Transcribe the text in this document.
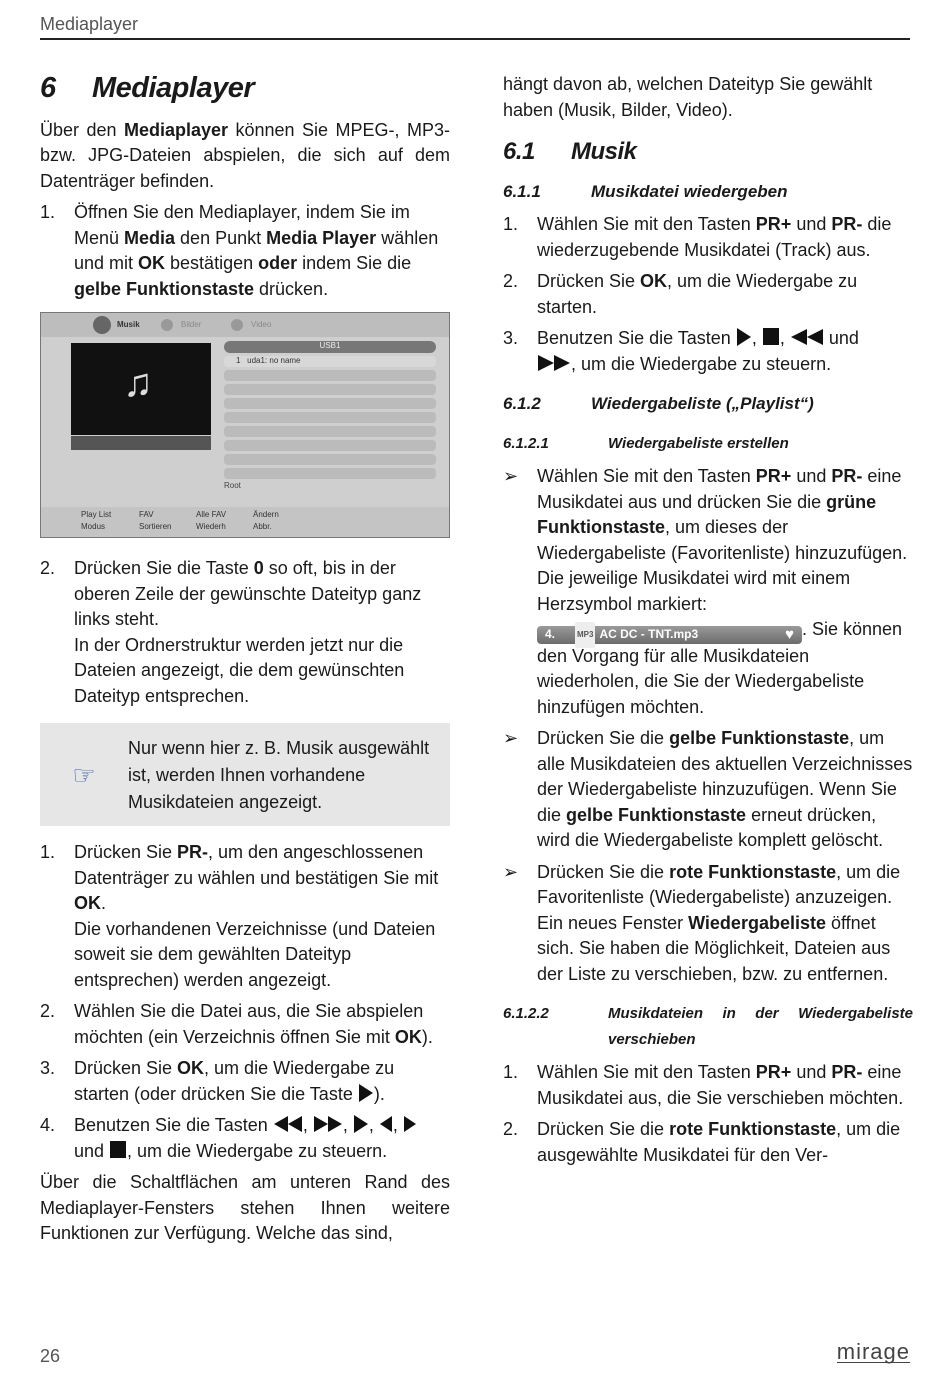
Mediaplayer
6	Mediaplayer

Über den Mediaplayer können Sie MPEG-, MP3- bzw. JPG-Dateien abspielen, die sich auf dem Datenträger befinden.

1.	Öffnen Sie den Mediaplayer, indem Sie im Menü Media den Punkt Media Player wählen und mit OK bestätigen oder indem Sie die gelbe Funktionstaste drücken.
Musik	Bilder	Video
♫
USB1
1 uda1: no name
Root
Play List	FAV	Alle FAV	Ändern
Modus	Sortieren	Wiederh	Abbr.
2.	Drücken Sie die Taste 0 so oft, bis in der oberen Zeile der gewünschte Dateityp ganz links steht.
In der Ordnerstruktur werden jetzt nur die Dateien angezeigt, die dem gewünschten Dateityp entsprechen.
☞
Nur wenn hier z. B. Musik ausgewählt ist, werden Ihnen vorhandene Musikdateien angezeigt.
1.	Drücken Sie PR-, um den angeschlossenen Datenträger zu wählen und bestätigen Sie mit OK.
Die vorhandenen Verzeichnisse (und Dateien soweit sie dem gewählten Dateityp entsprechen) werden angezeigt.
2.	Wählen Sie die Datei aus, die Sie abspielen möchten (ein Verzeichnis öffnen Sie mit OK).
3.	Drücken Sie OK, um die Wiedergabe zu starten (oder drücken Sie die Taste ).
4.	Benutzen Sie die Tasten , , , ,
und , um die Wiedergabe zu steuern.

Über die Schaltflächen am unteren Rand des Mediaplayer-Fensters stehen Ihnen weitere Funktionen zur Verfügung. Welche das sind,

hängt davon ab, welchen Dateityp Sie gewählt haben (Musik, Bilder, Video).

6.1	Musik
6.1.1	Musikdatei wiedergeben
1.	Wählen Sie mit den Tasten PR+ und PR- die wiederzugebende Musikdatei (Track) aus.
2.	Drücken Sie OK, um die Wiedergabe zu starten.
3.	Benutzen Sie die Tasten , ,  und
, um die Wiedergabe zu steuern.
6.1.2	Wiedergabeliste („Playlist“)
6.1.2.1	Wiedergabeliste erstellen
➢	Wählen Sie mit den Tasten PR+ und PR- eine Musikdatei aus und drücken Sie die grüne Funktionstaste, um dieses der Wiedergabeliste (Favoritenliste) hinzuzufügen. Die jeweilige Musikdatei wird mit einem Herzsymbol markiert:

4.	MP3 AC DC - TNT.mp3	♥ . Sie können den Vorgang für alle Musikdateien wiederholen, die Sie der Wiedergabeliste hinzufügen möchten.
➢	Drücken Sie die gelbe Funktionstaste, um alle Musikdateien des aktuellen Verzeichnisses der Wiedergabeliste hinzuzufügen. Wenn Sie die gelbe Funktionstaste erneut drücken, wird die Wiedergabeliste komplett gelöscht.
➢	Drücken Sie die rote Funktionstaste, um die Favoritenliste (Wiedergabeliste) anzuzeigen.
Ein neues Fenster Wiedergabeliste öffnet sich. Sie haben die Möglichkeit, Dateien aus der Liste zu verschieben, bzw. zu entfernen.
6.1.2.2	Musikdateien in der Wiedergabeliste
verschieben
1.	Wählen Sie mit den Tasten PR+ und PR- eine Musikdatei aus, die Sie verschieben möchten.
2.	Drücken Sie die rote Funktionstaste, um die ausgewählte Musikdatei für den Ver-
26	mirage
